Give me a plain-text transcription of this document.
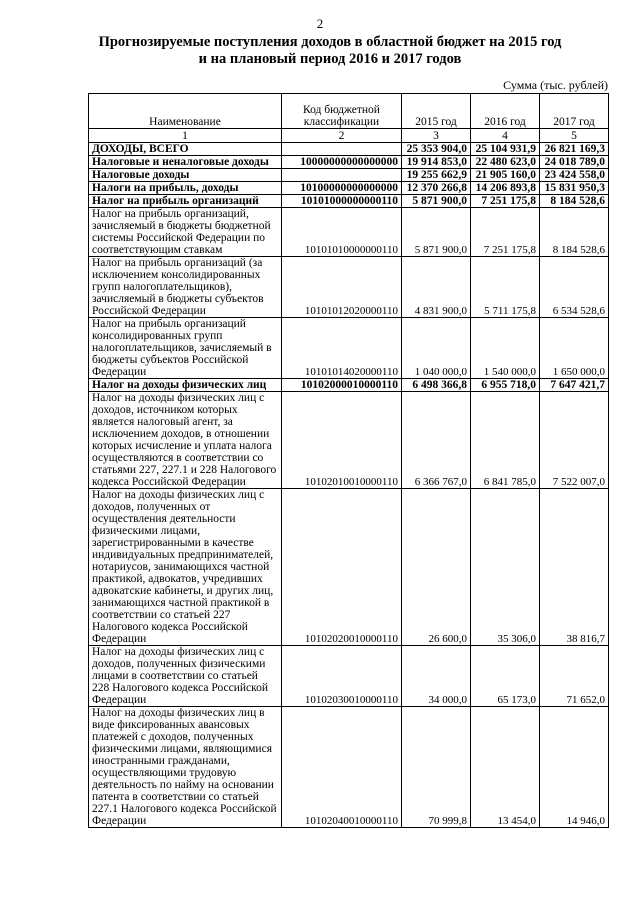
2
Прогнозируемые поступления доходов в областной бюджет на 2015 год
и на плановый период 2016 и 2017 годов
Сумма (тыс. рублей)
Наименование	Код бюджетной классификации	2015 год	2016 год	2017 год
1	2	3	4	5
ДОХОДЫ, ВСЕГО		25 353 904,0	25 104 931,9	26 821 169,3
Налоговые и неналоговые доходы	10000000000000000	19 914 853,0	22 480 623,0	24 018 789,0
Налоговые доходы		19 255 662,9	21 905 160,0	23 424 558,0
Налоги на прибыль, доходы	10100000000000000	12 370 266,8	14 206 893,8	15 831 950,3
Налог на прибыль организаций	10101000000000110	5 871 900,0	7 251 175,8	8 184 528,6
Налог на прибыль организаций, зачисляемый в бюджеты бюджетной системы Российской Федерации по соответствующим ставкам	10101010000000110	5 871 900,0	7 251 175,8	8 184 528,6
Налог на прибыль организаций (за исключением консолидированных групп налогоплательщиков), зачисляемый в бюджеты субъектов Российской Федерации	10101012020000110	4 831 900,0	5 711 175,8	6 534 528,6
Налог на прибыль организаций консолидированных групп налогоплательщиков, зачисляемый в бюджеты субъектов Российской Федерации	10101014020000110	1 040 000,0	1 540 000,0	1 650 000,0
Налог на доходы физических лиц	10102000010000110	6 498 366,8	6 955 718,0	7 647 421,7
Налог на доходы физических лиц с доходов, источником которых является налоговый агент, за исключением доходов, в отношении которых исчисление и уплата налога осуществляются в соответствии со статьями 227, 227.1 и 228 Налогового кодекса Российской Федерации	10102010010000110	6 366 767,0	6 841 785,0	7 522 007,0
Налог на доходы физических лиц с доходов, полученных от осуществления деятельности физическими лицами, зарегистрированными в качестве индивидуальных предпринимателей, нотариусов, занимающихся частной практикой, адвокатов, учредивших адвокатские кабинеты, и других лиц, занимающихся частной практикой в соответствии со статьей 227 Налогового кодекса Российской Федерации	10102020010000110	26 600,0	35 306,0	38 816,7
Налог на доходы физических лиц с доходов, полученных физическими лицами в соответствии со статьей 228 Налогового кодекса Российской Федерации	10102030010000110	34 000,0	65 173,0	71 652,0
Налог на доходы физических лиц в виде фиксированных авансовых платежей с доходов, полученных физическими лицами, являющимися иностранными гражданами, осуществляющими трудовую деятельность по найму на основании патента в соответствии со статьей 227.1 Налогового кодекса Российской Федерации	10102040010000110	70 999,8	13 454,0	14 946,0
